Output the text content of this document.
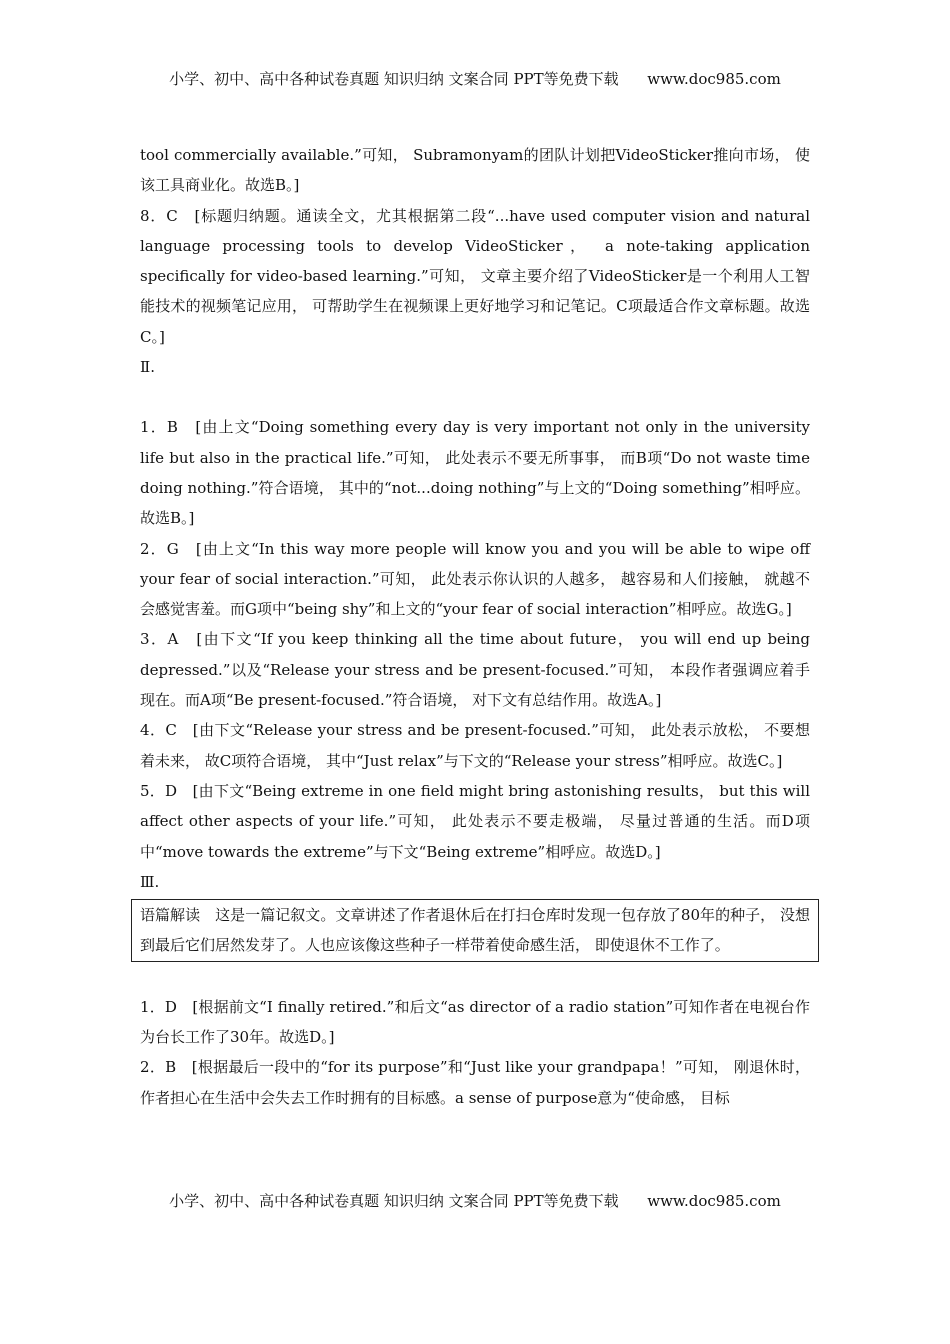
小学、初中、高中各种试卷真题 知识归纳 文案合同 PPT等免费下载      www.doc985.com

tool commercially available.”可知， Subramonyam的团队计划把VideoSticker推向市场， 使该工具商业化。故选B。]

8．C　[标题归纳题。通读全文，尤其根据第二段“...have used computer vision and natural language processing tools to develop VideoSticker， a note-taking application specifically for video-based learning.”可知， 文章主要介绍了VideoSticker是一个利用人工智能技术的视频笔记应用， 可帮助学生在视频课上更好地学习和记笔记。C项最适合作文章标题。故选C。]

Ⅱ.

1．B　[由上文“Doing something every day is very important not only in the university life but also in the practical life.”可知， 此处表示不要无所事事， 而B项“Do not waste time doing nothing.”符合语境， 其中的“not...doing nothing”与上文的“Doing something”相呼应。故选B。]

2．G　[由上文“In this way more people will know you and you will be able to wipe off your fear of social interaction.”可知， 此处表示你认识的人越多， 越容易和人们接触， 就越不会感觉害羞。而G项中“being shy”和上文的“your fear of social interaction”相呼应。故选G。]

3．A　[由下文“If you keep thinking all the time about future， you will end up being depressed.”以及“Release your stress and be present-focused.”可知， 本段作者强调应着手现在。而A项“Be present-focused.”符合语境， 对下文有总结作用。故选A。]

4．C　[由下文“Release your stress and be present-focused.”可知， 此处表示放松， 不要想着未来， 故C项符合语境， 其中“Just relax”与下文的“Release your stress”相呼应。故选C。]

5．D　[由下文“Being extreme in one field might bring astonishing results， but this will affect other aspects of your life.”可知， 此处表示不要走极端， 尽量过普通的生活。而D项中“move towards the extreme”与下文“Being extreme”相呼应。故选D。]

Ⅲ.

语篇解读　这是一篇记叙文。文章讲述了作者退休后在打扫仓库时发现一包存放了80年的种子， 没想到最后它们居然发芽了。人也应该像这些种子一样带着使命感生活， 即使退休不工作了。

1．D　[根据前文“I finally retired.”和后文“as director of a radio station”可知作者在电视台作为台长工作了30年。故选D。]

2．B　[根据最后一段中的“for its purpose”和“Just like your grandpapa！”可知， 刚退休时， 作者担心在生活中会失去工作时拥有的目标感。a sense of purpose意为“使命感， 目标

小学、初中、高中各种试卷真题 知识归纳 文案合同 PPT等免费下载      www.doc985.com
